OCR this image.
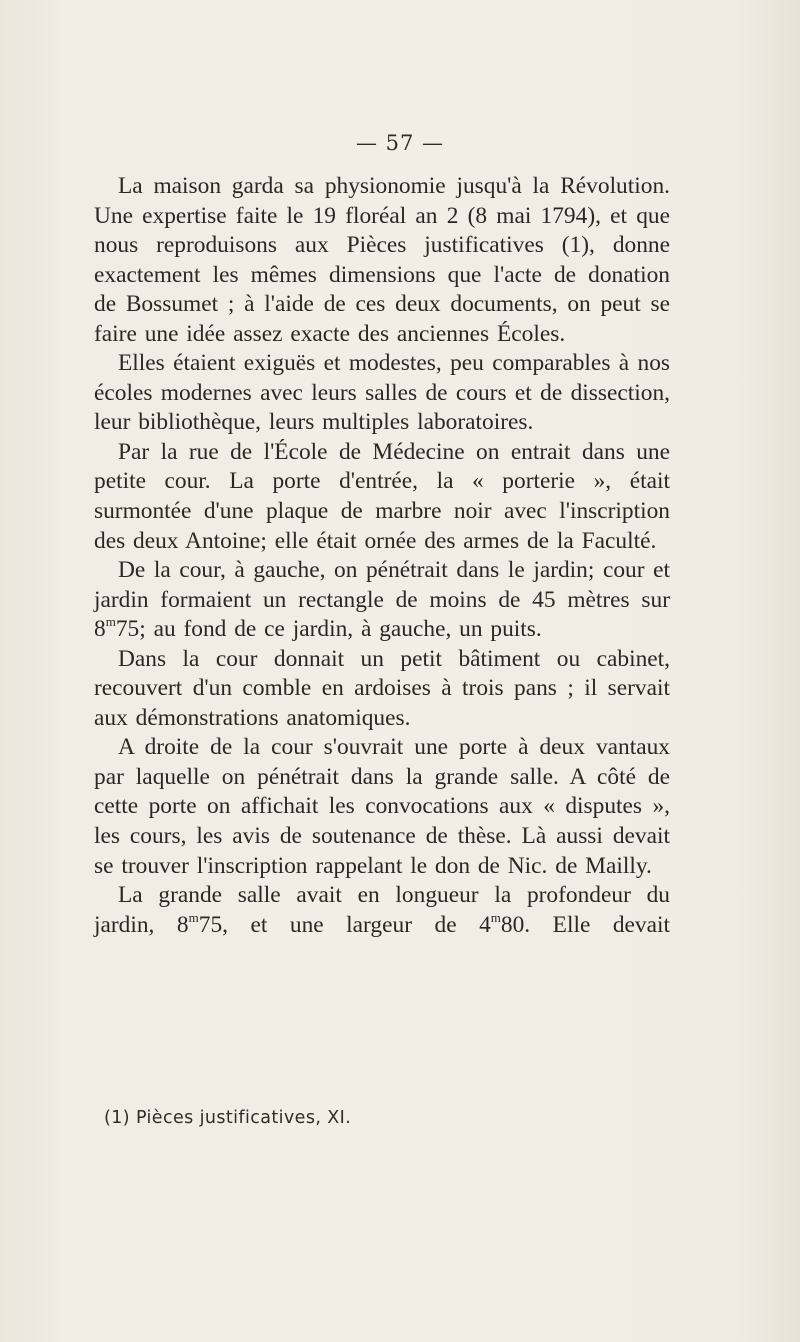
— 57 —

La maison garda sa physionomie jusqu'à la Révolution. Une expertise faite le 19 floréal an 2 (8 mai 1794), et que nous reproduisons aux Pièces justificatives (1), donne exactement les mêmes dimensions que l'acte de donation de Bossumet ; à l'aide de ces deux documents, on peut se faire une idée assez exacte des anciennes Écoles.

Elles étaient exiguës et modestes, peu comparables à nos écoles modernes avec leurs salles de cours et de dissection, leur bibliothèque, leurs multiples laboratoires.

Par la rue de l'École de Médecine on entrait dans une petite cour. La porte d'entrée, la « porterie », était surmontée d'une plaque de marbre noir avec l'inscription des deux Antoine; elle était ornée des armes de la Faculté.

De la cour, à gauche, on pénétrait dans le jardin; cour et jardin formaient un rectangle de moins de 45 mètres sur 8$^m$75; au fond de ce jardin, à gauche, un puits.

Dans la cour donnait un petit bâtiment ou cabinet, recouvert d'un comble en ardoises à trois pans ; il servait aux démonstrations anatomiques.

A droite de la cour s'ouvrait une porte à deux vantaux par laquelle on pénétrait dans la grande salle. A côté de cette porte on affichait les convocations aux « disputes », les cours, les avis de soutenance de thèse. Là aussi devait se trouver l'inscription rappelant le don de Nic. de Mailly.

La grande salle avait en longueur la profondeur du jardin, 8$^m$75, et une largeur de 4$^m$80. Elle devait

(1) Pièces justificatives, XI.
